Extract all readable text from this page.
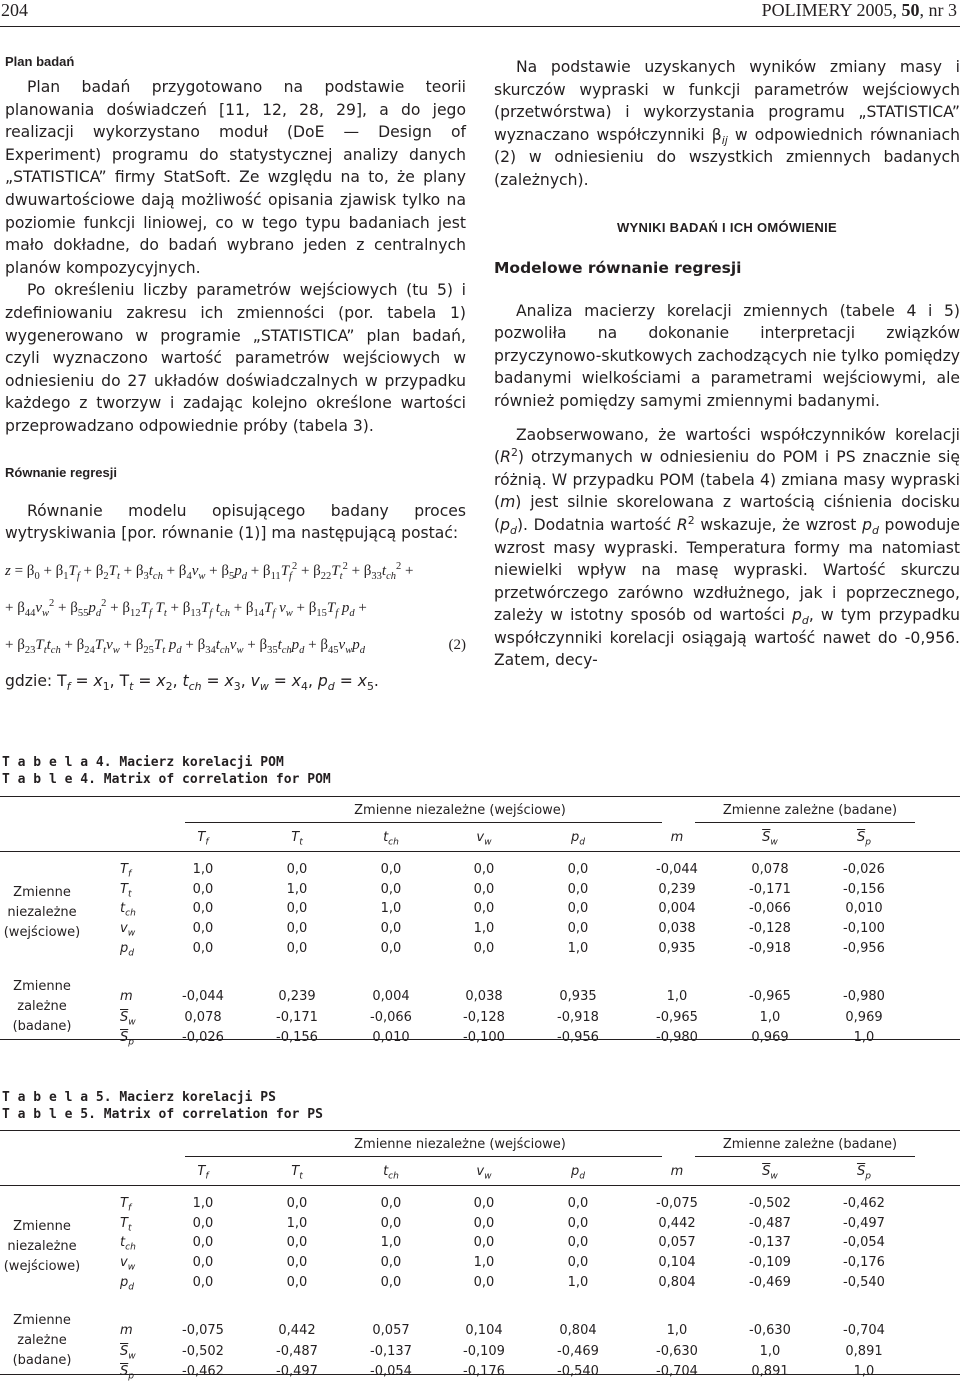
204	POLIMERY 2005, 50, nr 3
Plan badań

Plan badań przygotowano na podstawie teorii planowania doświadczeń [11, 12, 28, 29], a do jego realizacji wykorzystano moduł (DoE — Design of Experiment) programu do statystycznej analizy danych „STATISTICA” firmy StatSoft. Ze względu na to, że plany dwuwartościowe dają możliwość opisania zjawisk tylko na poziomie funkcji liniowej, co w tego typu badaniach jest mało dokładne, do badań wybrano jeden z centralnych planów kompozycyjnych.

Po określeniu liczby parametrów wejściowych (tu 5) i zdefiniowaniu zakresu ich zmienności (por. tabela 1) wygenerowano w programie „STATISTICA” plan badań, czyli wyznaczono wartość parametrów wejściowych w odniesieniu do 27 układów doświadczalnych w przypadku każdego z tworzyw i zadając kolejno określone wartości przeprowadzano odpowiednie próby (tabela 3).

Równanie regresji

Równanie modelu opisującego badany proces wytryskiwania [por. równanie (1)] ma następującą postać:

$z = \beta_0 + \beta_1T_f + \beta_2T_t + \beta_3t_{ch} + \beta_4v_w + \beta_5p_d + \beta_{11}T_f^2 + \beta_{22}T_t^2 + \beta_{33}t_{ch}^2$ +
+ $\beta_{44}v_w^2 + \beta_{55}p_d^2 + \beta_{12}T_f$ $T_t + \beta_{13}T_f$ $t_{ch} + \beta_{14}T_f$ $v_w + \beta_{15}T_f$ $p_d$ +
+ $\beta_{23}T_tt_{ch} + \beta_{24}T_tv_w + \beta_{25}T_t$ $p_d + \beta_{34}t_{ch}v_w + \beta_{35}t_{ch}p_d + \beta_{45}v_wp_d$	(2)
gdzie: $T_f = x_1$, $T_t = x_2$, $t_{ch} = x_3$, $v_w = x_4$, $p_d = x_5$.

Na podstawie uzyskanych wyników zmiany masy i skurczów wypraski w funkcji parametrów wejściowych (przetwórstwa) i wykorzystania programu „STATISTICA” wyznaczano współczynniki $\beta_{ij}$ w odpowiednich równaniach (2) w odniesieniu do wszystkich zmiennych badanych (zależnych).

WYNIKI BADAŃ I ICH OMÓWIENIE
Modelowe równanie regresji

Analiza macierzy korelacji zmiennych (tabele 4 i 5) pozwoliła na dokonanie interpretacji związków przyczynowo-skutkowych zachodzących nie tylko pomiędzy badanymi wielkościami a parametrami wejściowymi, ale również pomiędzy samymi zmiennymi badanymi.

Zaobserwowano, że wartości współczynników korelacji $(R^2)$ otrzymanych w odniesieniu do POM i PS znacznie się różnią. W przypadku POM (tabela 4) zmiana masy wypraski (m) jest silnie skorelowana z wartością ciśnienia docisku $(p_d)$. Dodatnia wartość $R^2$ wskazuje, że wzrost $p_d$ powoduje wzrost masy wypraski. Temperatura formy ma natomiast niewielki wpływ na masę wypraski. Wartość skurczu przetwórczego zarówno wzdłużnego, jak i poprzecznego, zależy w istotny sposób od wartości $p_d$, w tym przypadku współczynniki korelacji osiągają wartość nawet do -0,956. Zatem, decy-

T a b e l a 4. Macierz korelacji POM
T a b l e 4. Matrix of correlation for POM
Zmienne niezależne (wejściowe)	Zmienne zależne (badane)
$T_f$	$T_t$	$t_{ch}$	$v_w$	$p_d$	m	$\overline{S}_w$	$\overline{S}_p$
Zmienne niezależne (wejściowe)
Zmienne zależne (badane)
$T_f$	1,0	0,0	0,0	0,0	0,0	-0,044	0,078	-0,026
$T_t$	0,0	1,0	0,0	0,0	0,0	0,239	-0,171	-0,156
$t_{ch}$	0,0	0,0	1,0	0,0	0,0	0,004	-0,066	0,010
$v_w$	0,0	0,0	0,0	1,0	0,0	0,038	-0,128	-0,100
$p_d$	0,0	0,0	0,0	0,0	1,0	0,935	-0,918	-0,956
m	-0,044	0,239	0,004	0,038	0,935	1,0	-0,965	-0,980
$\overline{S}_w$	0,078	-0,171	-0,066	-0,128	-0,918	-0,965	1,0	0,969
$\overline{S}_p$	-0,026	-0,156	0,010	-0,100	-0,956	-0,980	0,969	1,0
T a b e l a 5. Macierz korelacji PS
T a b l e 5. Matrix of correlation for PS
Zmienne niezależne (wejściowe)	Zmienne zależne (badane)
$T_f$	$T_t$	$t_{ch}$	$v_w$	$p_d$	m	$\overline{S}_w$	$\overline{S}_p$
Zmienne niezależne (wejściowe)
Zmienne zależne (badane)
$T_f$	1,0	0,0	0,0	0,0	0,0	-0,075	-0,502	-0,462
$T_t$	0,0	1,0	0,0	0,0	0,0	0,442	-0,487	-0,497
$t_{ch}$	0,0	0,0	1,0	0,0	0,0	0,057	-0,137	-0,054
$v_w$	0,0	0,0	0,0	1,0	0,0	0,104	-0,109	-0,176
$p_d$	0,0	0,0	0,0	0,0	1,0	0,804	-0,469	-0,540
m	-0,075	0,442	0,057	0,104	0,804	1,0	-0,630	-0,704
$\overline{S}_w$	-0,502	-0,487	-0,137	-0,109	-0,469	-0,630	1,0	0,891
$\overline{S}_p$	-0,462	-0,497	-0,054	-0,176	-0,540	-0,704	0,891	1,0
